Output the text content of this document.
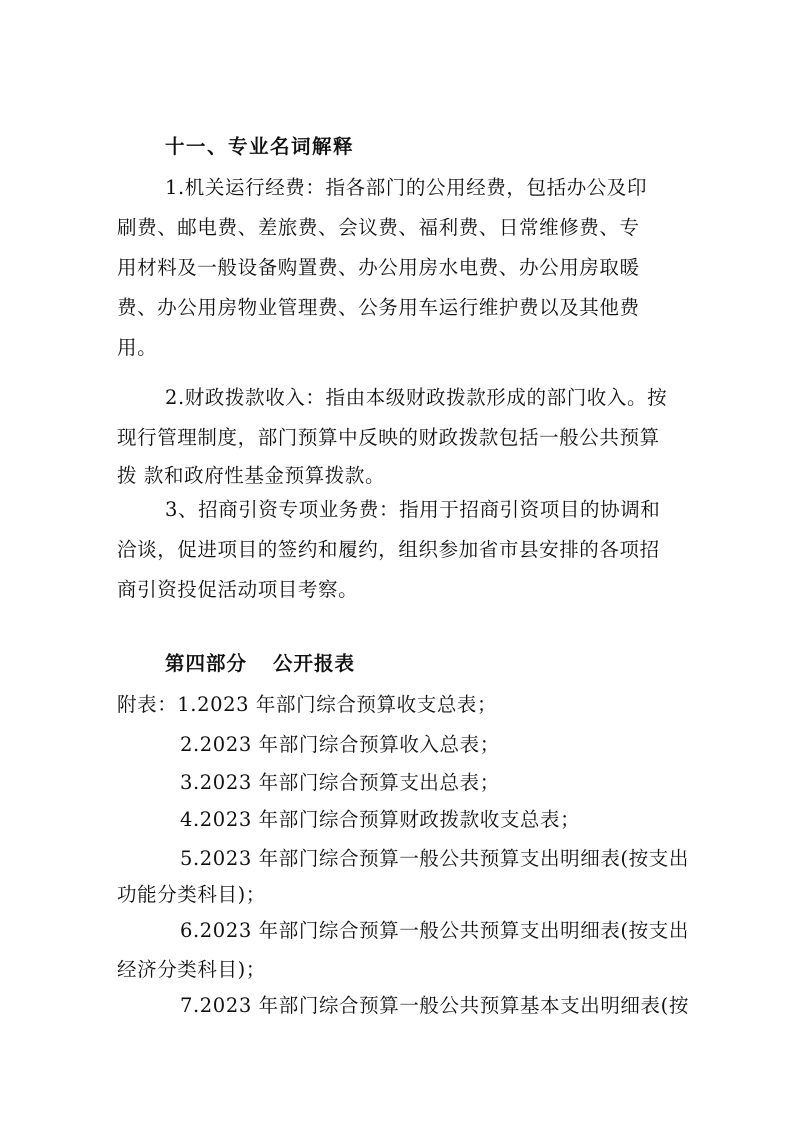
十一、专业名词解释
1.机关运行经费：指各部门的公用经费，包括办公及印
刷费、邮电费、差旅费、会议费、福利费、日常维修费、专
用材料及一般设备购置费、办公用房水电费、办公用房取暖
费、办公用房物业管理费、公务用车运行维护费以及其他费
用。
2.财政拨款收入：指由本级财政拨款形成的部门收入。按
现行管理制度，部门预算中反映的财政拨款包括一般公共预算
拨 款和政府性基金预算拨款。
3、招商引资专项业务费：指用于招商引资项目的协调和
洽谈，促进项目的签约和履约，组织参加省市县安排的各项招
商引资投促活动项目考察。
第四部分 公开报表
附表：1.2023 年部门综合预算收支总表；
2.2023 年部门综合预算收入总表；
3.2023 年部门综合预算支出总表；
4.2023 年部门综合预算财政拨款收支总表；
5.2023 年部门综合预算一般公共预算支出明细表(按支出
功能分类科目)；
6.2023 年部门综合预算一般公共预算支出明细表(按支出
经济分类科目)；
7.2023 年部门综合预算一般公共预算基本支出明细表(按
